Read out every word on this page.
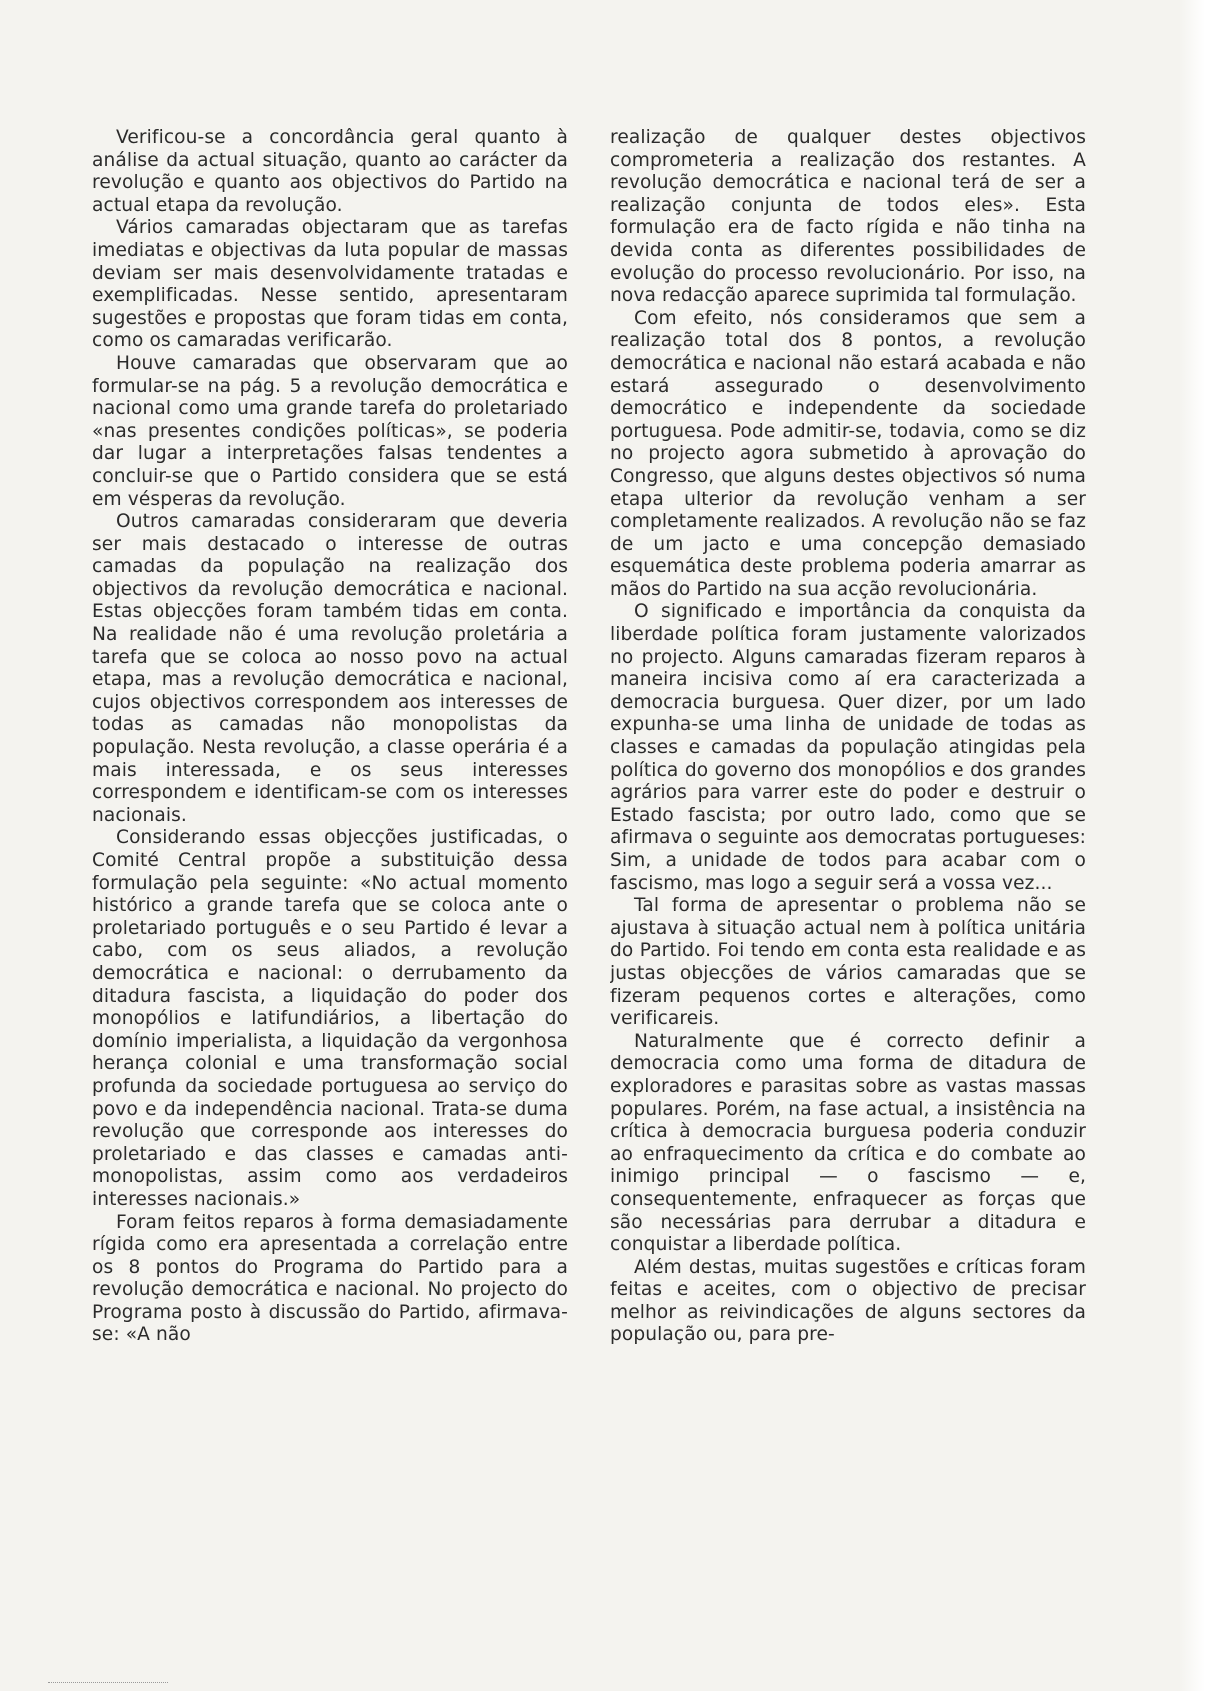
Verificou-se a concordância geral quanto à análise da actual situação, quanto ao carácter da revolução e quanto aos objectivos do Partido na actual etapa da revolução.

Vários camaradas objectaram que as tarefas imediatas e objectivas da luta popular de massas deviam ser mais desenvolvidamente tratadas e exemplificadas. Nesse sentido, apresentaram sugestões e propostas que foram tidas em conta, como os camaradas verificarão.

Houve camaradas que observaram que ao formular-se na pág. 5 a revolução democrática e nacional como uma grande tarefa do proletariado «nas presentes condições políticas», se poderia dar lugar a interpretações falsas tendentes a concluir-se que o Partido considera que se está em vésperas da revolução.

Outros camaradas consideraram que deveria ser mais destacado o interesse de outras camadas da população na realização dos objectivos da revolução democrática e nacional. Estas objecções foram também tidas em conta. Na realidade não é uma revolução proletária a tarefa que se coloca ao nosso povo na actual etapa, mas a revolução democrática e nacional, cujos objectivos correspondem aos interesses de todas as camadas não monopolistas da população. Nesta revolução, a classe operária é a mais interessada, e os seus interesses correspondem e identificam-se com os interesses nacionais.

Considerando essas objecções justificadas, o Comité Central propõe a substituição dessa formulação pela seguinte: «No actual momento histórico a grande tarefa que se coloca ante o proletariado português e o seu Partido é levar a cabo, com os seus aliados, a revolução democrática e nacional: o derrubamento da ditadura fascista, a liquidação do poder dos monopólios e latifundiários, a libertação do domínio imperialista, a liquidação da vergonhosa herança colonial e uma transformação social profunda da sociedade portuguesa ao serviço do povo e da independência nacional. Trata-se duma revolução que corresponde aos interesses do proletariado e das classes e camadas anti-monopolistas, assim como aos verdadeiros interesses nacionais.»

Foram feitos reparos à forma demasiadamente rígida como era apresentada a correlação entre os 8 pontos do Programa do Partido para a revolução democrática e nacional. No projecto do Programa posto à discussão do Partido, afirmava-se: «A não

realização de qualquer destes objectivos comprometeria a realização dos restantes. A revolução democrática e nacional terá de ser a realização conjunta de todos eles». Esta formulação era de facto rígida e não tinha na devida conta as diferentes possibilidades de evolução do processo revolucionário. Por isso, na nova redacção aparece suprimida tal formulação.

Com efeito, nós consideramos que sem a realização total dos 8 pontos, a revolução democrática e nacional não estará acabada e não estará assegurado o desenvolvimento democrático e independente da sociedade portuguesa. Pode admitir-se, todavia, como se diz no projecto agora submetido à aprovação do Congresso, que alguns destes objectivos só numa etapa ulterior da revolução venham a ser completamente realizados. A revolução não se faz de um jacto e uma concepção demasiado esquemática deste problema poderia amarrar as mãos do Partido na sua acção revolucionária.

O significado e importância da conquista da liberdade política foram justamente valorizados no projecto. Alguns camaradas fizeram reparos à maneira incisiva como aí era caracterizada a democracia burguesa. Quer dizer, por um lado expunha-se uma linha de unidade de todas as classes e camadas da população atingidas pela política do governo dos monopólios e dos grandes agrários para varrer este do poder e destruir o Estado fascista; por outro lado, como que se afirmava o seguinte aos democratas portugueses: Sim, a unidade de todos para acabar com o fascismo, mas logo a seguir será a vossa vez...

Tal forma de apresentar o problema não se ajustava à situação actual nem à política unitária do Partido. Foi tendo em conta esta realidade e as justas objecções de vários camaradas que se fizeram pequenos cortes e alterações, como verificareis.

Naturalmente que é correcto definir a democracia como uma forma de ditadura de exploradores e parasitas sobre as vastas massas populares. Porém, na fase actual, a insistência na crítica à democracia burguesa poderia conduzir ao enfraquecimento da crítica e do combate ao inimigo principal — o fascismo — e, consequentemente, enfraquecer as forças que são necessárias para derrubar a ditadura e conquistar a liberdade política.

Além destas, muitas sugestões e críticas foram feitas e aceites, com o objectivo de precisar melhor as reivindicações de alguns sectores da população ou, para pre-
